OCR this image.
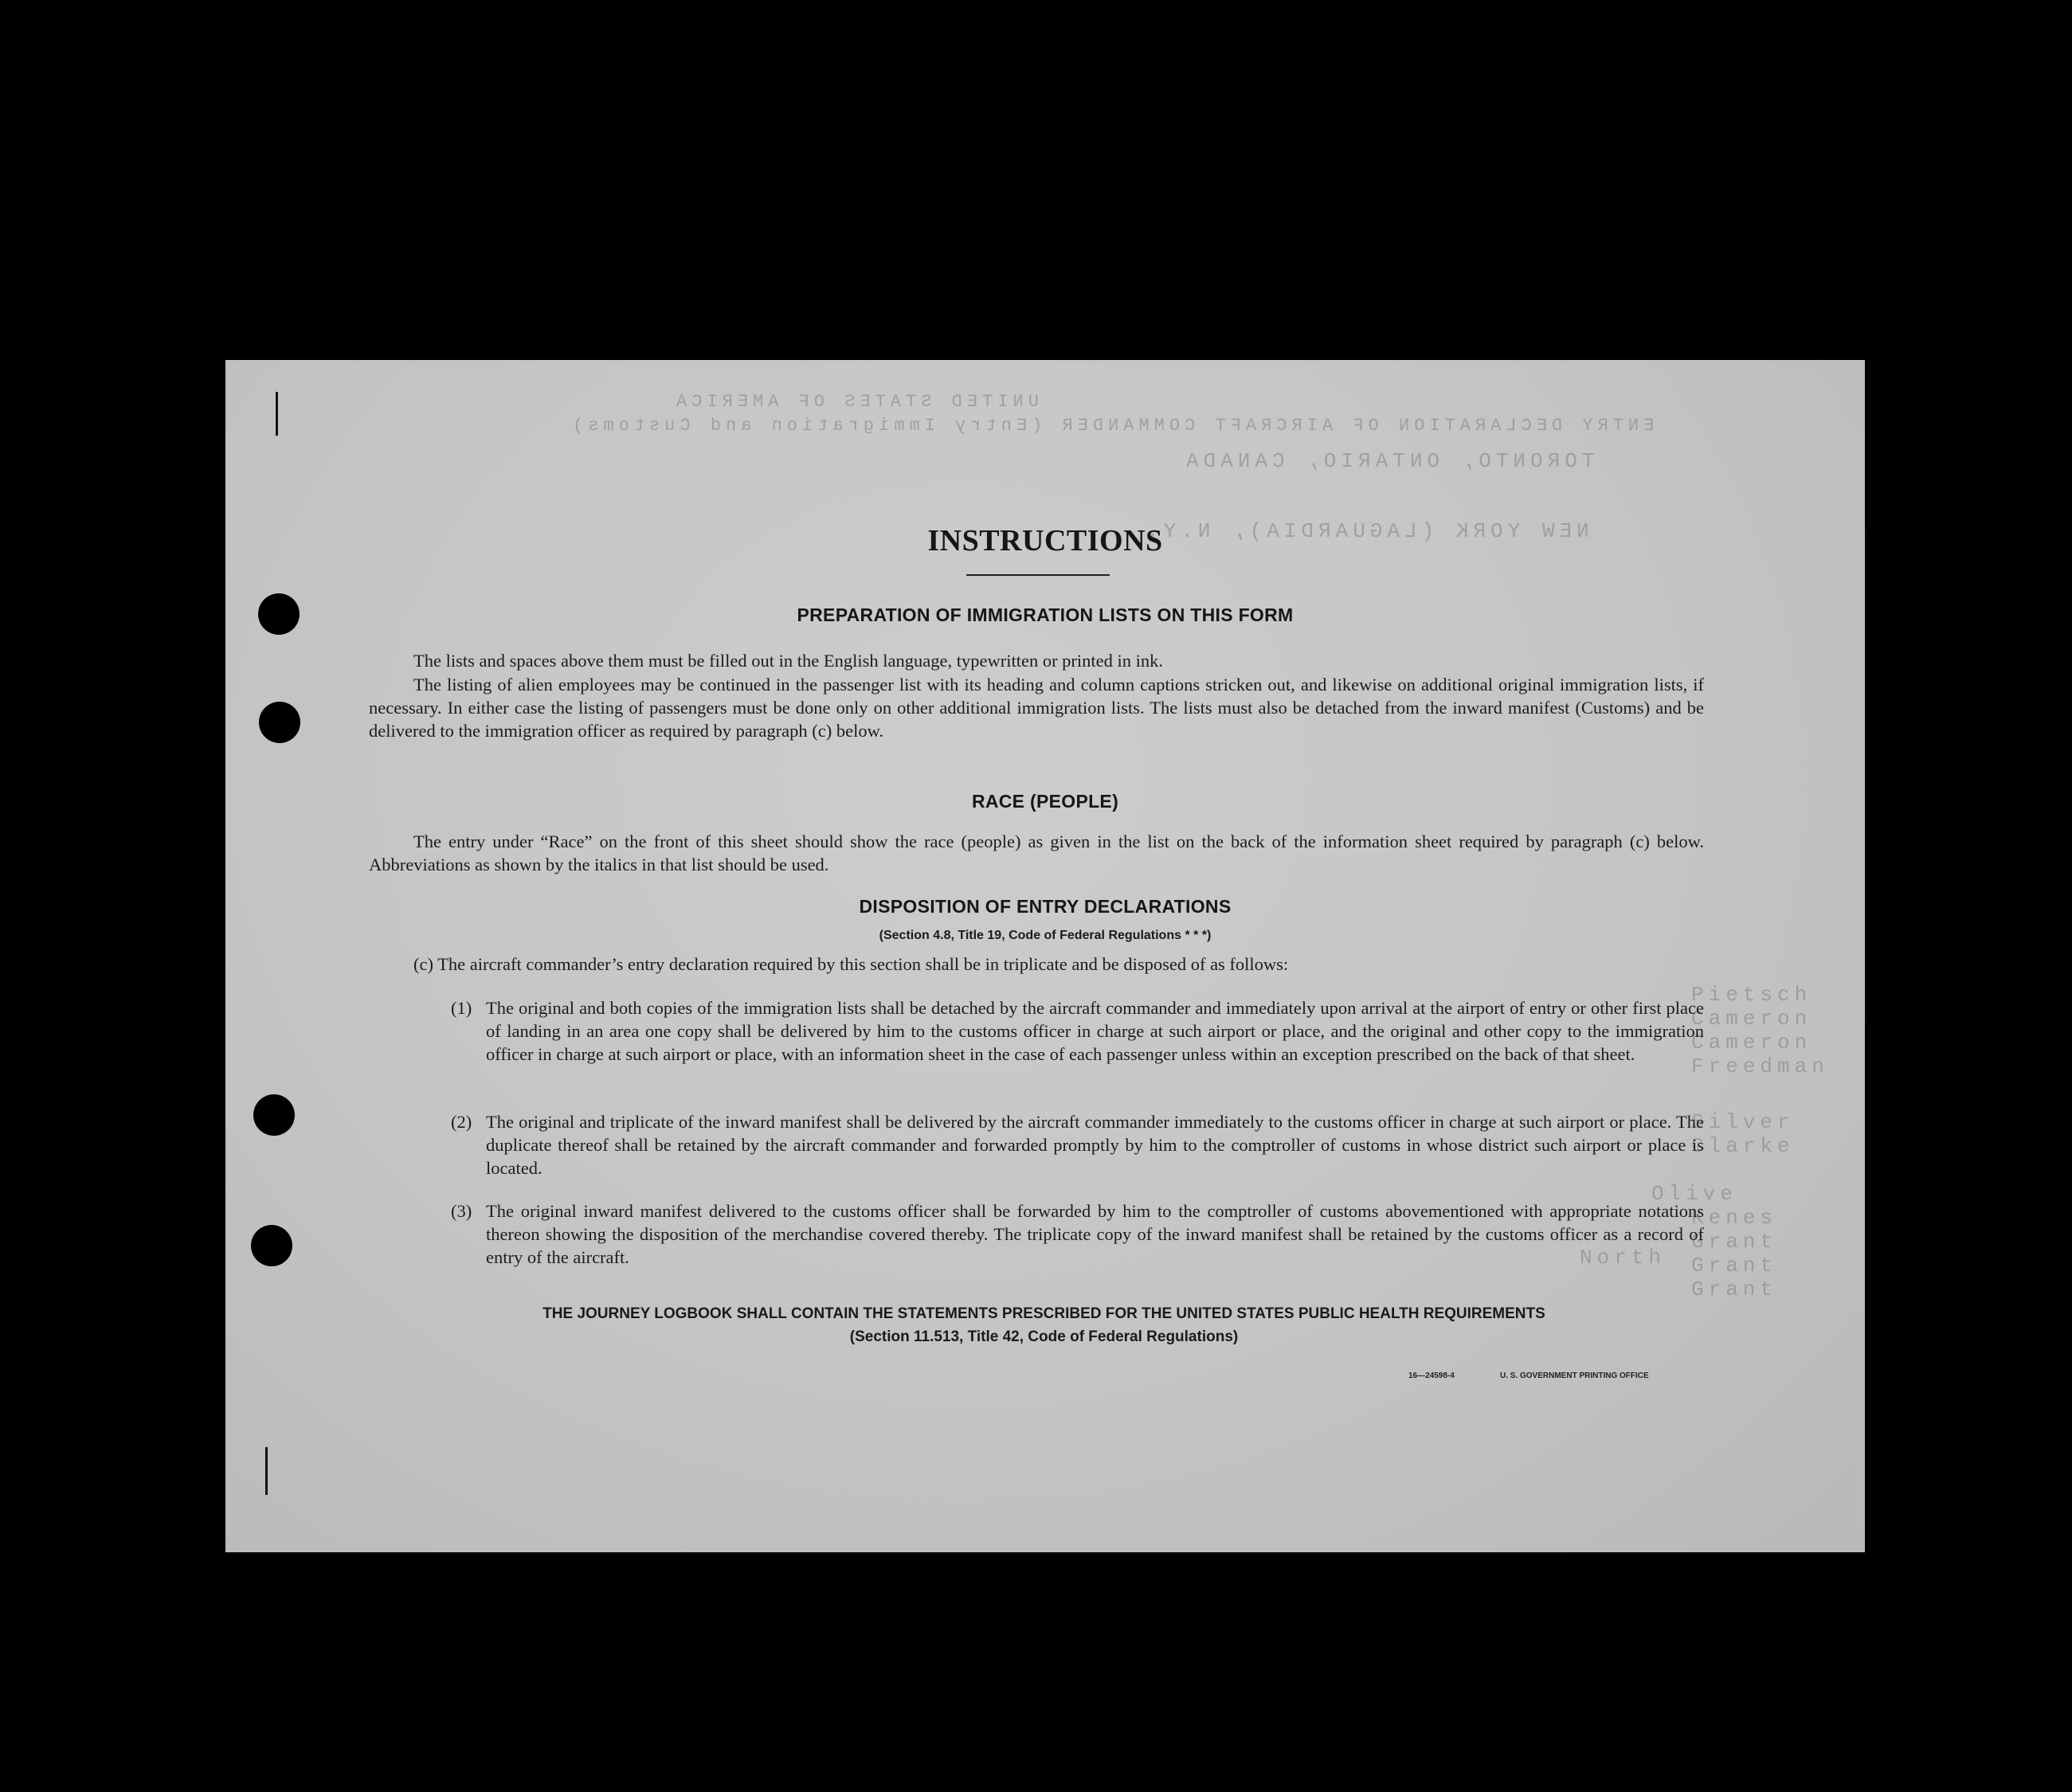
UNITED STATES OF AMERICA
ENTRY DECLARATION OF AIRCRAFT COMMANDER (Entry Immigration and Customs)
TORONTO, ONTARIO, CANADA
NEW YORK (LAGUARDIA), N.Y.
Pietsch
Cameron
Cameron
Freedman
Silver
Clarke
Olive
Kenes
Grant
Grant
Grant
North
INSTRUCTIONS
PREPARATION OF IMMIGRATION LISTS ON THIS FORM
The lists and spaces above them must be filled out in the English language, typewritten or printed in ink.
The listing of alien employees may be continued in the passenger list with its heading and column captions stricken out, and likewise on additional original immigration lists, if necessary. In either case the listing of passengers must be done only on other additional immigration lists. The lists must also be detached from the inward manifest (Customs) and be delivered to the immigration officer as required by paragraph (c) below.
RACE (PEOPLE)
The entry under “Race” on the front of this sheet should show the race (people) as given in the list on the back of the information sheet required by paragraph (c) below. Abbreviations as shown by the italics in that list should be used.
DISPOSITION OF ENTRY DECLARATIONS
(Section 4.8, Title 19, Code of Federal Regulations * * *)
(c) The aircraft commander’s entry declaration required by this section shall be in triplicate and be disposed of as follows:
(1) The original and both copies of the immigration lists shall be detached by the aircraft commander and immediately upon arrival at the airport of entry or other first place of landing in an area one copy shall be delivered by him to the customs officer in charge at such airport or place, and the original and other copy to the immigration officer in charge at such airport or place, with an information sheet in the case of each passenger unless within an exception prescribed on the back of that sheet.
(2) The original and triplicate of the inward manifest shall be delivered by the aircraft commander immediately to the customs officer in charge at such airport or place. The duplicate thereof shall be retained by the aircraft commander and forwarded promptly by him to the comptroller of customs in whose district such airport or place is located.
(3) The original inward manifest delivered to the customs officer shall be forwarded by him to the comptroller of customs abovementioned with appropriate notations thereon showing the disposition of the merchandise covered thereby. The triplicate copy of the inward manifest shall be retained by the customs officer as a record of entry of the aircraft.
THE JOURNEY LOGBOOK SHALL CONTAIN THE STATEMENTS PRESCRIBED FOR THE UNITED STATES PUBLIC HEALTH REQUIREMENTS
(Section 11.513, Title 42, Code of Federal Regulations)
16—24598-4	U. S. GOVERNMENT PRINTING OFFICE
